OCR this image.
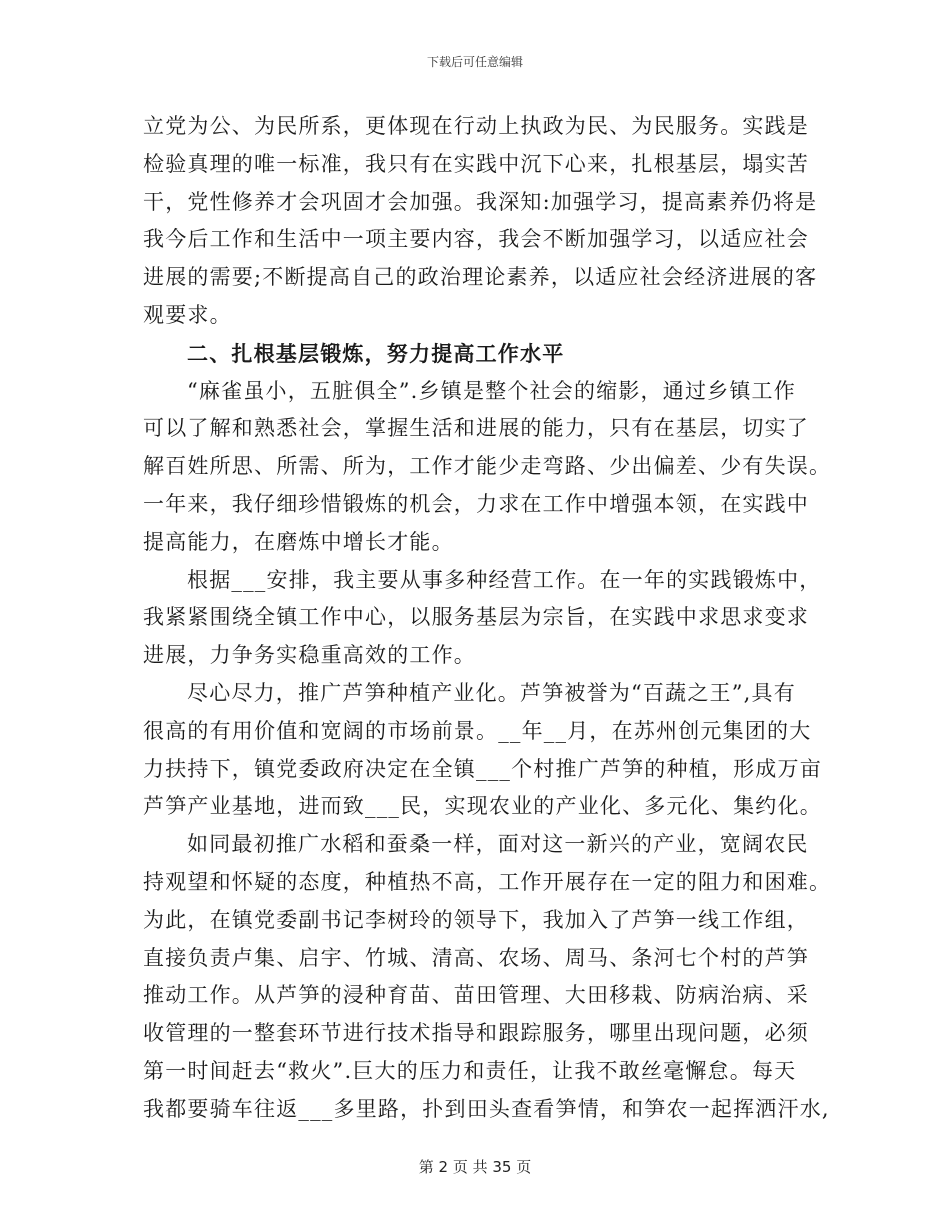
下载后可任意编辑
立党为公、为民所系，更体现在行动上执政为民、为民服务。实践是
检验真理的唯一标准，我只有在实践中沉下心来，扎根基层，塌实苦
干，党性修养才会巩固才会加强。我深知:加强学习，提高素养仍将是
我今后工作和生活中一项主要内容，我会不断加强学习，以适应社会
进展的需要;不断提高自己的政治理论素养，以适应社会经济进展的客
观要求。
二、扎根基层锻炼，努力提高工作水平
“麻雀虽小，五脏俱全”.乡镇是整个社会的缩影，通过乡镇工作
可以了解和熟悉社会，掌握生活和进展的能力，只有在基层，切实了
解百姓所思、所需、所为，工作才能少走弯路、少出偏差、少有失误。
一年来，我仔细珍惜锻炼的机会，力求在工作中增强本领，在实践中
提高能力，在磨炼中增长才能。
根据___安排，我主要从事多种经营工作。在一年的实践锻炼中，
我紧紧围绕全镇工作中心，以服务基层为宗旨，在实践中求思求变求
进展，力争务实稳重高效的工作。
尽心尽力，推广芦笋种植产业化。芦笋被誉为“百蔬之王”,具有
很高的有用价值和宽阔的市场前景。__年__月，在苏州创元集团的大
力扶持下，镇党委政府决定在全镇___个村推广芦笋的种植，形成万亩
芦笋产业基地，进而致___民，实现农业的产业化、多元化、集约化。
如同最初推广水稻和蚕桑一样，面对这一新兴的产业，宽阔农民
持观望和怀疑的态度，种植热不高，工作开展存在一定的阻力和困难。
为此，在镇党委副书记李树玲的领导下，我加入了芦笋一线工作组，
直接负责卢集、启宇、竹城、清高、农场、周马、条河七个村的芦笋
推动工作。从芦笋的浸种育苗、苗田管理、大田移栽、防病治病、采
收管理的一整套环节进行技术指导和跟踪服务，哪里出现问题，必须
第一时间赶去“救火”.巨大的压力和责任，让我不敢丝毫懈怠。每天
我都要骑车往返___多里路，扑到田头查看笋情，和笋农一起挥洒汗水,
第 2 页 共 35 页
